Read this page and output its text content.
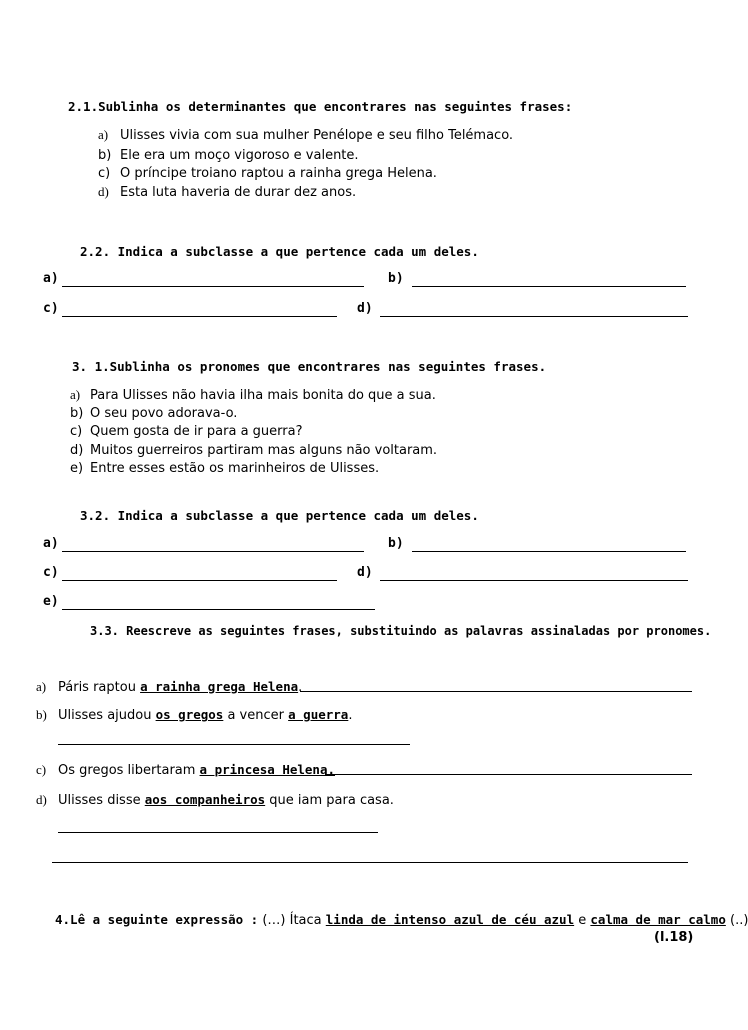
2.1.Sublinha os determinantes que encontrares nas seguintes frases:
a) Ulisses vivia com sua mulher Penélope e seu filho Telémaco.
b) Ele era um moço vigoroso e valente.
c) O príncipe troiano raptou a rainha grega Helena.
d) Esta luta haveria de durar dez anos.
2.2. Indica a subclasse a que pertence cada um deles.
a)	b)
c)	d)
3. 1.Sublinha os pronomes que encontrares nas seguintes frases.
a) Para Ulisses não havia ilha mais bonita do que a sua.
b) O seu povo adorava-o.
c) Quem gosta de ir para a guerra?
d) Muitos guerreiros partiram mas alguns não voltaram.
e) Entre esses estão os marinheiros de Ulisses.
3.2. Indica a subclasse a que pertence cada um deles.
a)	b)
c)	d)
e)
3.3. Reescreve as seguintes frases, substituindo as palavras assinaladas por pronomes.
a) Páris raptou a rainha grega Helena.
b) Ulisses ajudou os gregos a vencer a guerra.
c) Os gregos libertaram a princesa Helena.
d) Ulisses disse aos companheiros que iam para casa.
4.Lê a seguinte expressão : (…) Ítaca linda de intenso azul de céu azul e calma de mar calmo (..)
(l.18)
